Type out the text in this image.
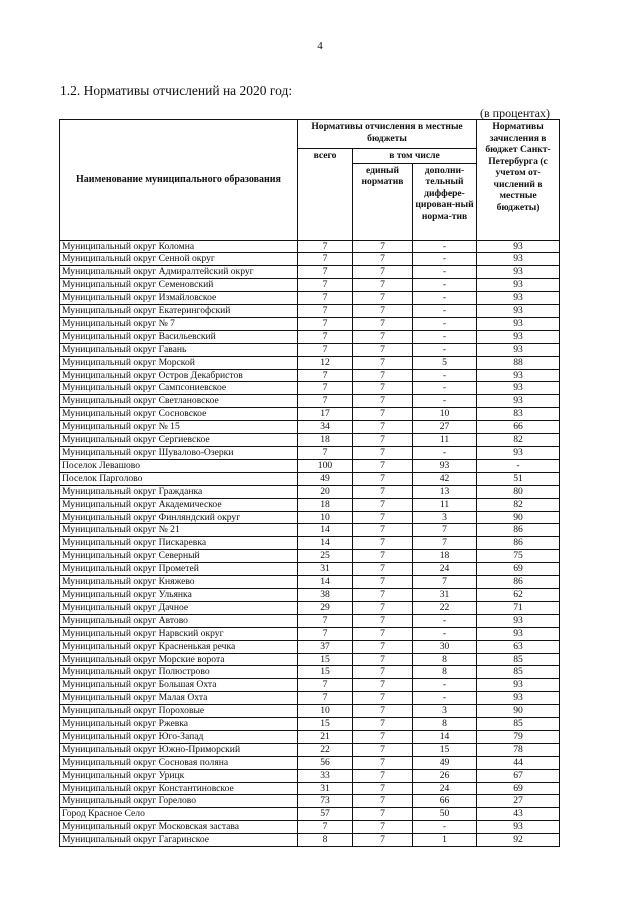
4
1.2. Нормативы отчислений на 2020 год:
(в процентах)
Наименование муниципального образования	Нормативы отчисления в местные бюджеты			Нормативы зачисления в бюджет Санкт-Петербурга (с учетом от-числений в местные бюджеты)
	всего	в том числе		
		единый норматив	дополни-тельный диффере-цирован-ный норма-тив	
Муниципальный округ Коломна	7	7	-	93
Муниципальный округ Сенной округ	7	7	-	93
Муниципальный округ Адмиралтейский округ	7	7	-	93
Муниципальный округ Семеновский	7	7	-	93
Муниципальный округ Измайловское	7	7	-	93
Муниципальный округ Екатерингофский	7	7	-	93
Муниципальный округ № 7	7	7	-	93
Муниципальный округ Васильевский	7	7	-	93
Муниципальный округ Гавань	7	7	-	93
Муниципальный округ Морской	12	7	5	88
Муниципальный округ Остров Декабристов	7	7	-	93
Муниципальный округ Сампсониевское	7	7	-	93
Муниципальный округ Светлановское	7	7	-	93
Муниципальный округ Сосновское	17	7	10	83
Муниципальный округ № 15	34	7	27	66
Муниципальный округ Сергиевское	18	7	11	82
Муниципальный округ Шувалово-Озерки	7	7	-	93
Поселок Левашово	100	7	93	-
Поселок Парголово	49	7	42	51
Муниципальный округ Гражданка	20	7	13	80
Муниципальный округ Академическое	18	7	11	82
Муниципальный округ Финляндский округ	10	7	3	90
Муниципальный округ № 21	14	7	7	86
Муниципальный округ Пискаревка	14	7	7	86
Муниципальный округ Северный	25	7	18	75
Муниципальный округ Прометей	31	7	24	69
Муниципальный округ Княжево	14	7	7	86
Муниципальный округ Ульянка	38	7	31	62
Муниципальный округ Дачное	29	7	22	71
Муниципальный округ Автово	7	7	-	93
Муниципальный округ Нарвский округ	7	7	-	93
Муниципальный округ Красненькая речка	37	7	30	63
Муниципальный округ Морские ворота	15	7	8	85
Муниципальный округ Полюстрово	15	7	8	85
Муниципальный округ Большая Охта	7	7	-	93
Муниципальный округ Малая Охта	7	7	-	93
Муниципальный округ Пороховые	10	7	3	90
Муниципальный округ Ржевка	15	7	8	85
Муниципальный округ Юго-Запад	21	7	14	79
Муниципальный округ Южно-Приморский	22	7	15	78
Муниципальный округ Сосновая поляна	56	7	49	44
Муниципальный округ Урицк	33	7	26	67
Муниципальный округ Константиновское	31	7	24	69
Муниципальный округ Горелово	73	7	66	27
Город Красное Село	57	7	50	43
Муниципальный округ Московская застава	7	7	-	93
Муниципальный округ Гагаринское	8	7	1	92
